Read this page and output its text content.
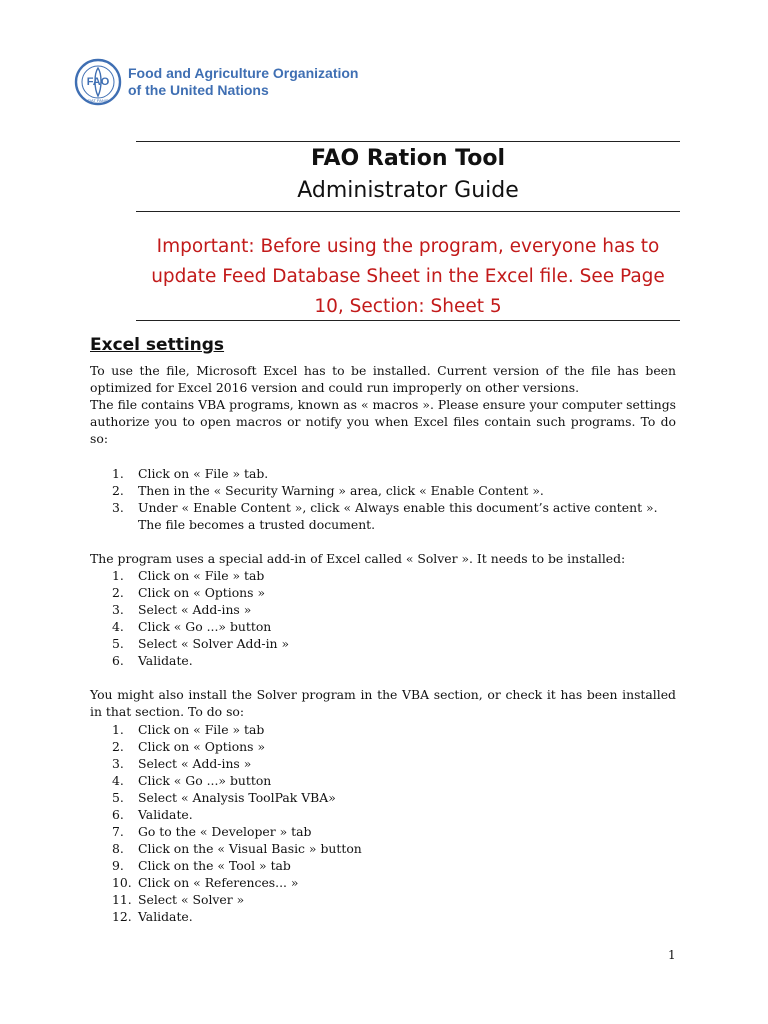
FAO
FIAT PANIS
Food and Agriculture Organization
of the United Nations
FAO Ration Tool
Administrator Guide
Important: Before using the program, everyone has to
update Feed Database Sheet in the Excel file. See Page
10, Section: Sheet 5
Excel settings
To use the file, Microsoft Excel has to be installed. Current version of the file has been optimized for Excel 2016 version and could run improperly on other versions.
The file contains VBA programs, known as « macros ». Please ensure your computer settings authorize you to open macros or notify you when Excel files contain such programs. To do so:
1.	Click on « File » tab.
2.	Then in the « Security Warning » area, click « Enable Content ».
3.	Under « Enable Content », click « Always enable this document’s active content ». The file becomes a trusted document.
The program uses a special add-in of Excel called « Solver ». It needs to be installed:
1.	Click on « File » tab
2.	Click on « Options »
3.	Select « Add-ins »
4.	Click « Go ...» button
5.	Select « Solver Add-in »
6.	Validate.
You might also install the Solver program in the VBA section, or check it has been installed in that section. To do so:
1.	Click on « File » tab
2.	Click on « Options »
3.	Select « Add-ins »
4.	Click « Go ...» button
5.	Select « Analysis ToolPak VBA»
6.	Validate.
7.	Go to the « Developer » tab
8.	Click on the « Visual Basic » button
9.	Click on the « Tool » tab
10. Click on « References... »
11. Select « Solver »
12. Validate.
1
